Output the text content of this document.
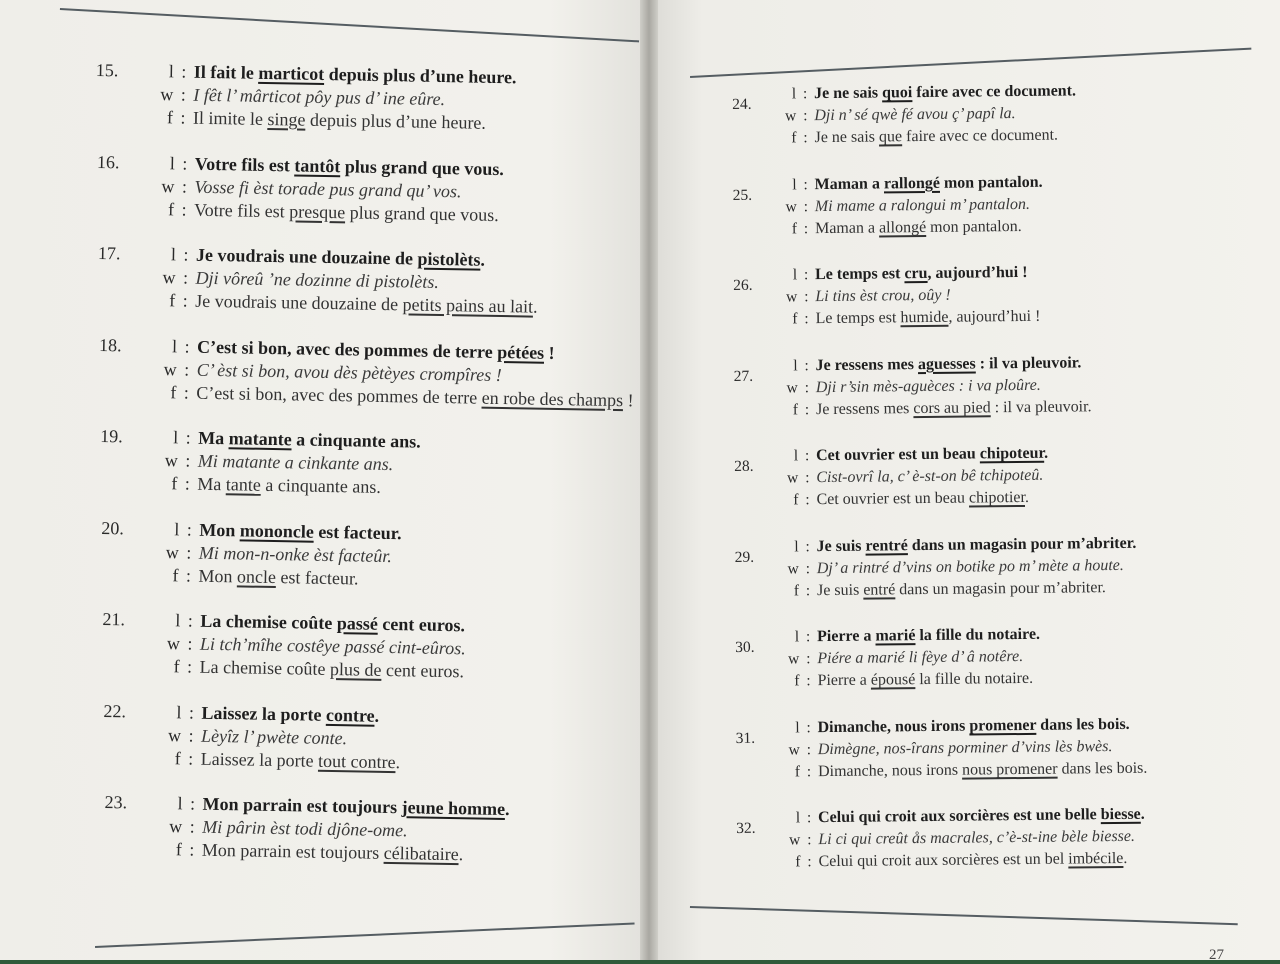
27
15.	l : Il fait le marticot depuis plus d’une heure.
w : I fêt l’ mârticot pôy pus d’ ine eûre.
f : Il imite le singe depuis plus d’une heure.
16.	l : Votre fils est tantôt plus grand que vous.
w : Vosse fi èst torade pus grand qu’ vos.
f : Votre fils est presque plus grand que vous.
17.	l : Je voudrais une douzaine de pistolèts.
w : Dji vôreû ’ne dozinne di pistolèts.
f : Je voudrais une douzaine de petits pains au lait.
18.	l : C’est si bon, avec des pommes de terre pétées !
w : C’ èst si bon, avou dès pètèyes crompîres !
f : C’est si bon, avec des pommes de terre en robe des champs !
19.	l : Ma matante a cinquante ans.
w : Mi matante a cinkante ans.
f : Ma tante a cinquante ans.
20.	l : Mon mononcle est facteur.
w : Mi mon-n-onke èst facteûr.
f : Mon oncle est facteur.
21.	l : La chemise coûte passé cent euros.
w : Li tch’mîhe costêye passé cint-eûros.
f : La chemise coûte plus de cent euros.
22.	l : Laissez la porte contre.
w : Lèyîz l’ pwète conte.
f : Laissez la porte tout contre.
23.	l : Mon parrain est toujours jeune homme.
w : Mi pârin èst todi djône-ome.
f : Mon parrain est toujours célibataire.
24.
l : Je ne sais quoi faire avec ce document.
w : Dji n’ sé qwè fé avou ç’ papî la.
f : Je ne sais que faire avec ce document.
25.
l : Maman a rallongé mon pantalon.
w : Mi mame a ralongui m’ pantalon.
f : Maman a allongé mon pantalon.
26.
l : Le temps est cru, aujourd’hui !
w : Li tins èst crou, oûy !
f : Le temps est humide, aujourd’hui !
27.
l : Je ressens mes aguesses : il va pleuvoir.
w : Dji r’sin mès-aguèces : i va ploûre.
f : Je ressens mes cors au pied : il va pleuvoir.
28.
l : Cet ouvrier est un beau chipoteur.
w : Cist-ovrî la, c’ è-st-on bê tchipoteû.
f : Cet ouvrier est un beau chipotier.
29.
l : Je suis rentré dans un magasin pour m’abriter.
w : Dj’ a rintré d’vins on botike po m’ mète a houte.
f : Je suis entré dans un magasin pour m’abriter.
30.
l : Pierre a marié la fille du notaire.
w : Piére a marié li fèye d’ â notêre.
f : Pierre a épousé la fille du notaire.
31.
l : Dimanche, nous irons promener dans les bois.
w : Dimègne, nos-îrans porminer d’vins lès bwès.
f : Dimanche, nous irons nous promener dans les bois.
32.
l : Celui qui croit aux sorcières est une belle biesse.
w : Li ci qui creût ås macrales, c’è-st-ine bèle biesse.
f : Celui qui croit aux sorcières est un bel imbécile.
